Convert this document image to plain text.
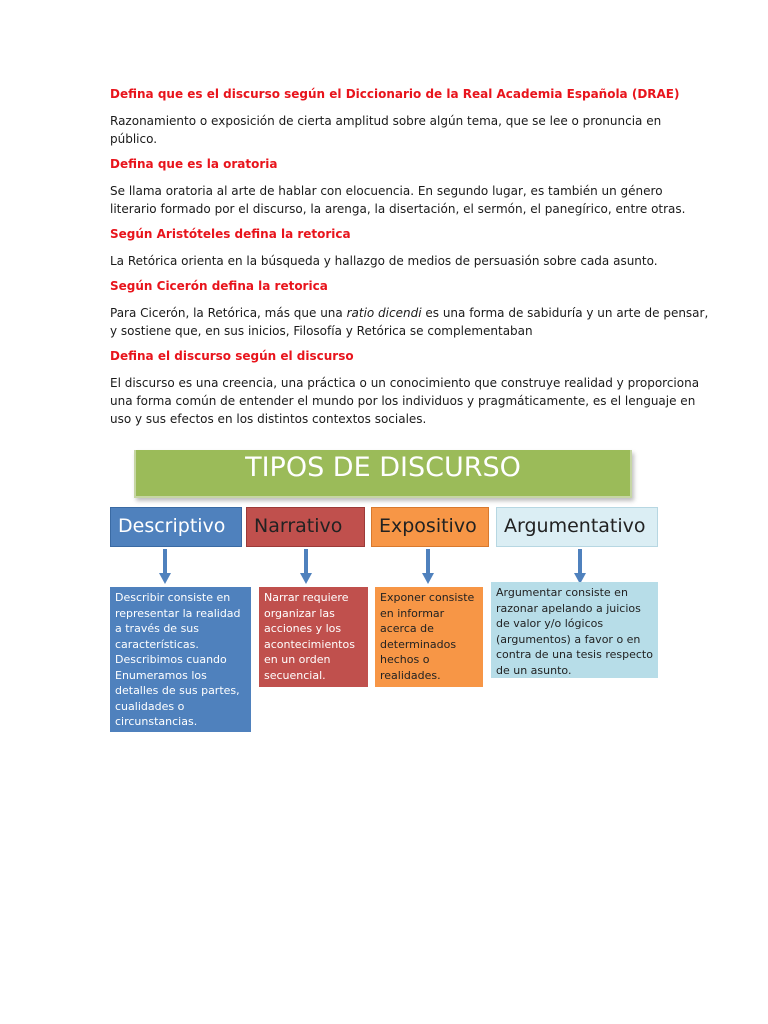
Defina que es el discurso según el Diccionario de la Real Academia Española (DRAE)

Razonamiento o exposición de cierta amplitud sobre algún tema, que se lee o pronuncia en público.

Defina que es la oratoria

Se llama oratoria al arte de hablar con elocuencia. En segundo lugar, es también un género literario formado por el discurso, la arenga, la disertación, el sermón, el panegírico, entre otras.

Según Aristóteles defina la retorica

La Retórica orienta en la búsqueda y hallazgo de medios de persuasión sobre cada asunto.

Según Cicerón defina la retorica

Para Cicerón, la Retórica, más que una ratio dicendi es una forma de sabiduría y un arte de pensar, y sostiene que, en sus inicios, Filosofía y Retórica se complementaban

Defina el discurso según el discurso

El discurso es una creencia, una práctica o un conocimiento que construye realidad y proporciona una forma común de entender el mundo por los individuos y pragmáticamente, es el lenguaje en uso y sus efectos en los distintos contextos sociales.

TIPOS DE DISCURSO
Descriptivo	Narrativo	Expositivo	Argumentativo
Describir consiste en representar la realidad a través de sus características. Describimos cuando Enumeramos los detalles de sus partes, cualidades o circunstancias.
Narrar requiere organizar las acciones y los acontecimientos en un orden secuencial.
Exponer consiste en informar acerca de determinados hechos o realidades.
Argumentar consiste en razonar apelando a juicios de valor y/o lógicos (argumentos) a favor o en contra de una tesis respecto de un asunto.
